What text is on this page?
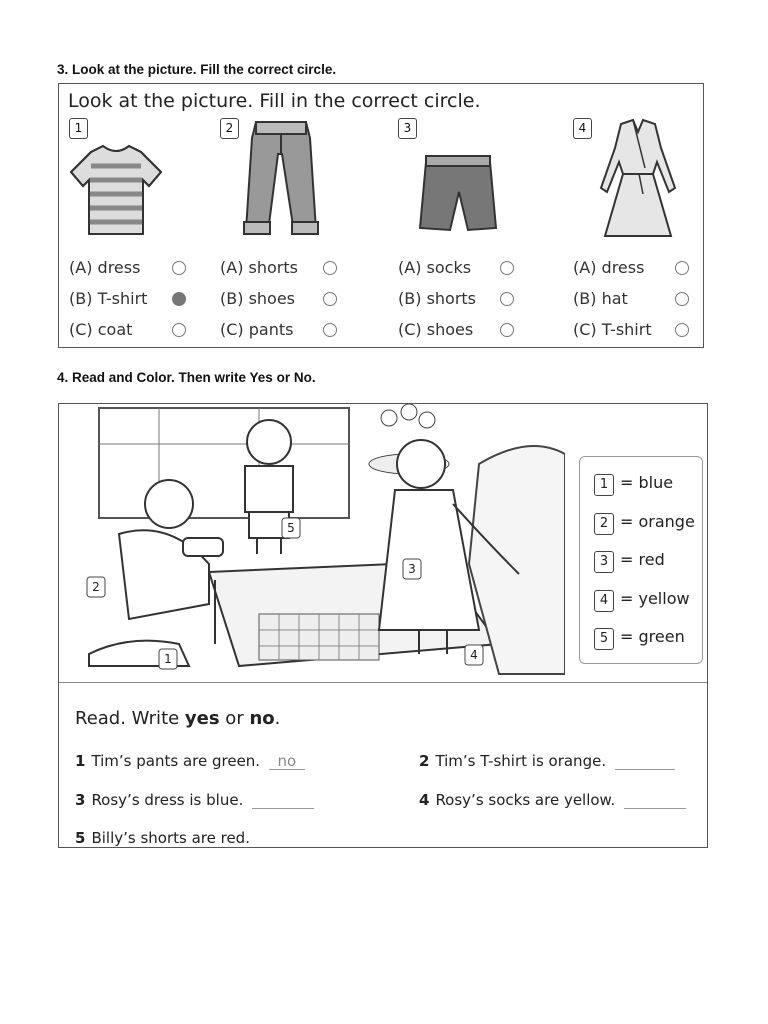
3. Look at the picture. Fill the correct circle.
Look at the picture. Fill in the correct circle.
1
(A) dress
(B) T-shirt
(C) coat
2
(A) shorts
(B) shoes
(C) pants
3
(A) socks
(B) shorts
(C) shoes
4
(A) dress
(B) hat
(C) T-shirt
4. Read and Color. Then write Yes or No.
1
2
3
4
5
1 = blue
2 = orange
3 = red
4 = yellow
5 = green
Read. Write yes or no.
1 Tim’s pants are green. no	2 Tim’s T-shirt is orange.
3 Rosy’s dress is blue.	4 Rosy’s socks are yellow.
5 Billy’s shorts are red.
